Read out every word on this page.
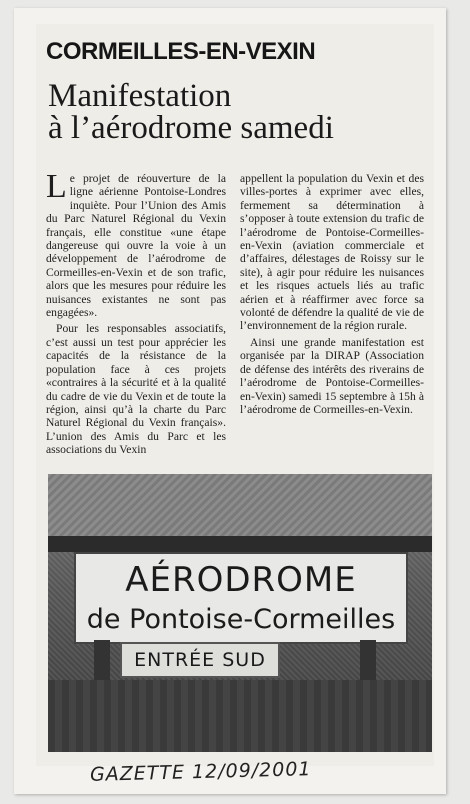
CORMEILLES-EN-VEXIN
Manifestation
à l’aérodrome samedi

Le projet de réouverture de la ligne aérienne Pontoise-Londres inquiète. Pour l’Union des Amis du Parc Naturel Régional du Vexin français, elle constitue «une étape dangereuse qui ouvre la voie à un développement de l’aérodrome de Cormeilles-en-Vexin et de son trafic, alors que les mesures pour réduire les nuisances existantes ne sont pas engagées».

Pour les responsables associatifs, c’est aussi un test pour apprécier les capacités de la résistance de la population face à ces projets «contraires à la sécurité et à la qualité du cadre de vie du Vexin et de toute la région, ainsi qu’à la charte du Parc Naturel Régional du Vexin français». L’union des Amis du Parc et les associations du Vexin

appellent la population du Vexin et des villes-portes à exprimer avec elles, fermement sa détermination à s’opposer à toute extension du trafic de l’aérodrome de Pontoise-Cormeilles-en-Vexin (aviation commerciale et d’affaires, délestages de Roissy sur le site), à agir pour réduire les nuisances et les risques actuels liés au trafic aérien et à réaffirmer avec force sa volonté de défendre la qualité de vie de l’environnement de la région rurale.

Ainsi une grande manifestation est organisée par la DIRAP (Association de défense des intérêts des riverains de l’aérodrome de Pontoise-Cormeilles-en-Vexin) samedi 15 septembre à 15h à l’aérodrome de Cormeilles-en-Vexin.

AÉRODROME
de Pontoise-Cormeilles
ENTRÉE SUD
GAZETTE 12/09/2001
